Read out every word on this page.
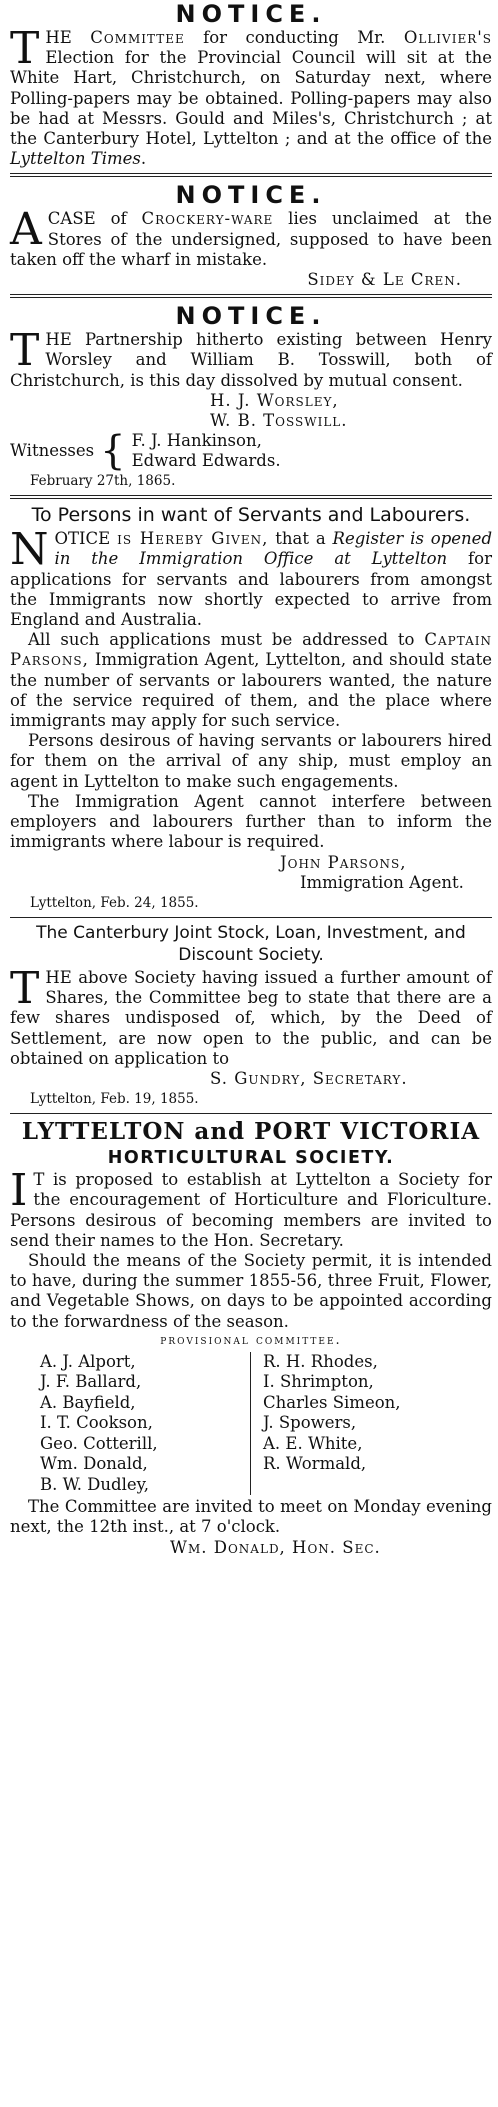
NOTICE.
THE Committee for conducting Mr. Ollivier's Election for the Provincial Council will sit at the White Hart, Christchurch, on Saturday next, where Polling-papers may be obtained. Polling-papers may also be had at Messrs. Gould and Miles's, Christchurch ; at the Canterbury Hotel, Lyttelton ; and at the office of the Lyttelton Times.
NOTICE.
A CASE of Crockery-ware lies unclaimed at the Stores of the undersigned, supposed to have been taken off the wharf in mistake.
Sidey & Le Cren.
NOTICE.
THE Partnership hitherto existing between Henry Worsley and William B. Tosswill, both of Christchurch, is this day dissolved by mutual consent.
H. J. Worsley,
W. B. Tosswill.
Witnesses { F. J. Hankinson,
Edward Edwards.
February 27th, 1865.
To Persons in want of Servants and Labourers.

NOTICE is Hereby Given, that a Register is opened in the Immigration Office at Lyttelton for applications for servants and labourers from amongst the Immigrants now shortly expected to arrive from England and Australia.

All such applications must be addressed to Captain Parsons, Immigration Agent, Lyttelton, and should state the number of servants or labourers wanted, the nature of the service required of them, and the place where immigrants may apply for such service.

Persons desirous of having servants or labourers hired for them on the arrival of any ship, must employ an agent in Lyttelton to make such engagements.

The Immigration Agent cannot interfere between employers and labourers further than to inform the immigrants where labour is required.

John Parsons,
Immigration Agent.
Lyttelton, Feb. 24, 1855.
The Canterbury Joint Stock, Loan, Investment, and Discount Society.
THE above Society having issued a further amount of Shares, the Committee beg to state that there are a few shares undisposed of, which, by the Deed of Settlement, are now open to the public, and can be obtained on application to
S. Gundry, Secretary.
Lyttelton, Feb. 19, 1855.
LYTTELTON and PORT VICTORIA
HORTICULTURAL SOCIETY.

I T is proposed to establish at Lyttelton a Society for the encouragement of Horticulture and Floriculture. Persons desirous of becoming members are invited to send their names to the Hon. Secretary.

Should the means of the Society permit, it is intended to have, during the summer 1855-56, three Fruit, Flower, and Vegetable Shows, on days to be appointed according to the forwardness of the season.

provisional committee.
A. J. Alport,
J. F. Ballard,
A. Bayfield,
I. T. Cookson,
Geo. Cotterill,
Wm. Donald,
B. W. Dudley,
R. H. Rhodes,
I. Shrimpton,
Charles Simeon,
J. Spowers,
A. E. White,
R. Wormald,
The Committee are invited to meet on Monday evening next, the 12th inst., at 7 o'clock.
Wm. Donald, Hon. Sec.
